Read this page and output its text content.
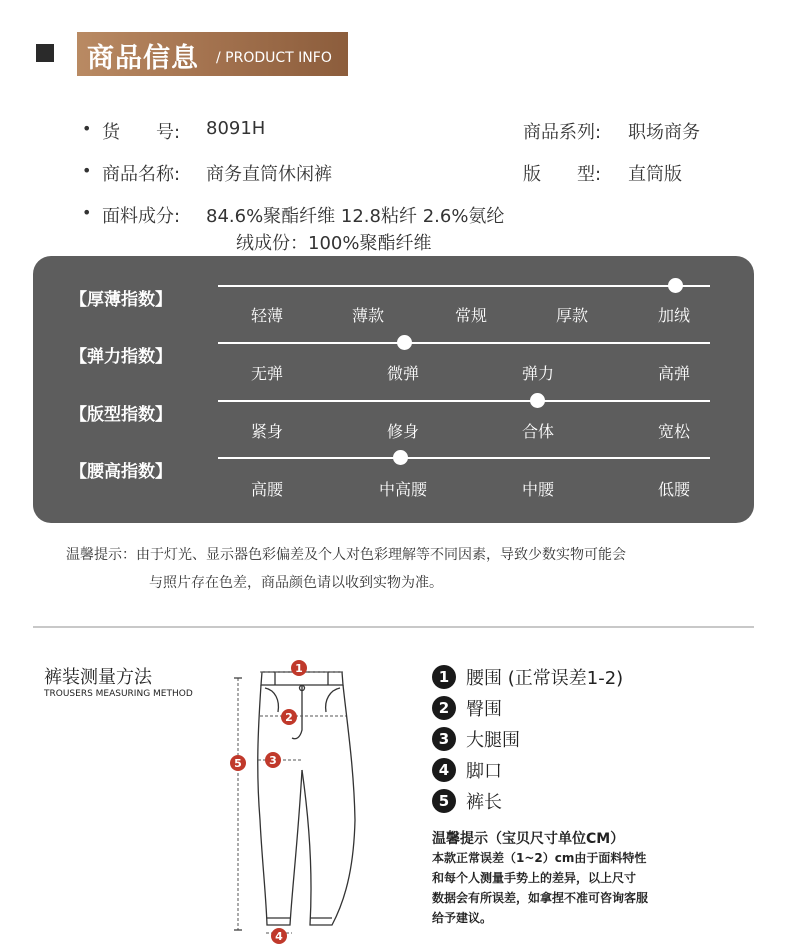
商品信息 / PRODUCT INFO
• 货　　号: 8091H	商品系列: 职场商务
• 商品名称: 商务直筒休闲裤	版　　型: 直筒版
• 面料成分: 84.6%聚酯纤维 12.8粘纤 2.6%氨纶
绒成份：100%聚酯纤维
【厚薄指数】
轻薄	薄款	常规	厚款	加绒
【弹力指数】
无弹	微弹	弹力	高弹
【版型指数】
紧身	修身	合体	宽松
【腰高指数】
高腰	中高腰	中腰	低腰
温馨提示：由于灯光、显示器色彩偏差及个人对色彩理解等不同因素，导致少数实物可能会
与照片存在色差，商品颜色请以收到实物为准。
裤装测量方法
TROUSERS MEASURING METHOD
1
2
3
4
5
1 腰围 (正常误差1-2)
2 臀围
3 大腿围
4 脚口
5 裤长
温馨提示（宝贝尺寸单位CM）
本款正常误差（1~2）cm由于面料特性
和每个人测量手势上的差异，以上尺寸
数据会有所误差，如拿捏不准可咨询客服
给予建议。
